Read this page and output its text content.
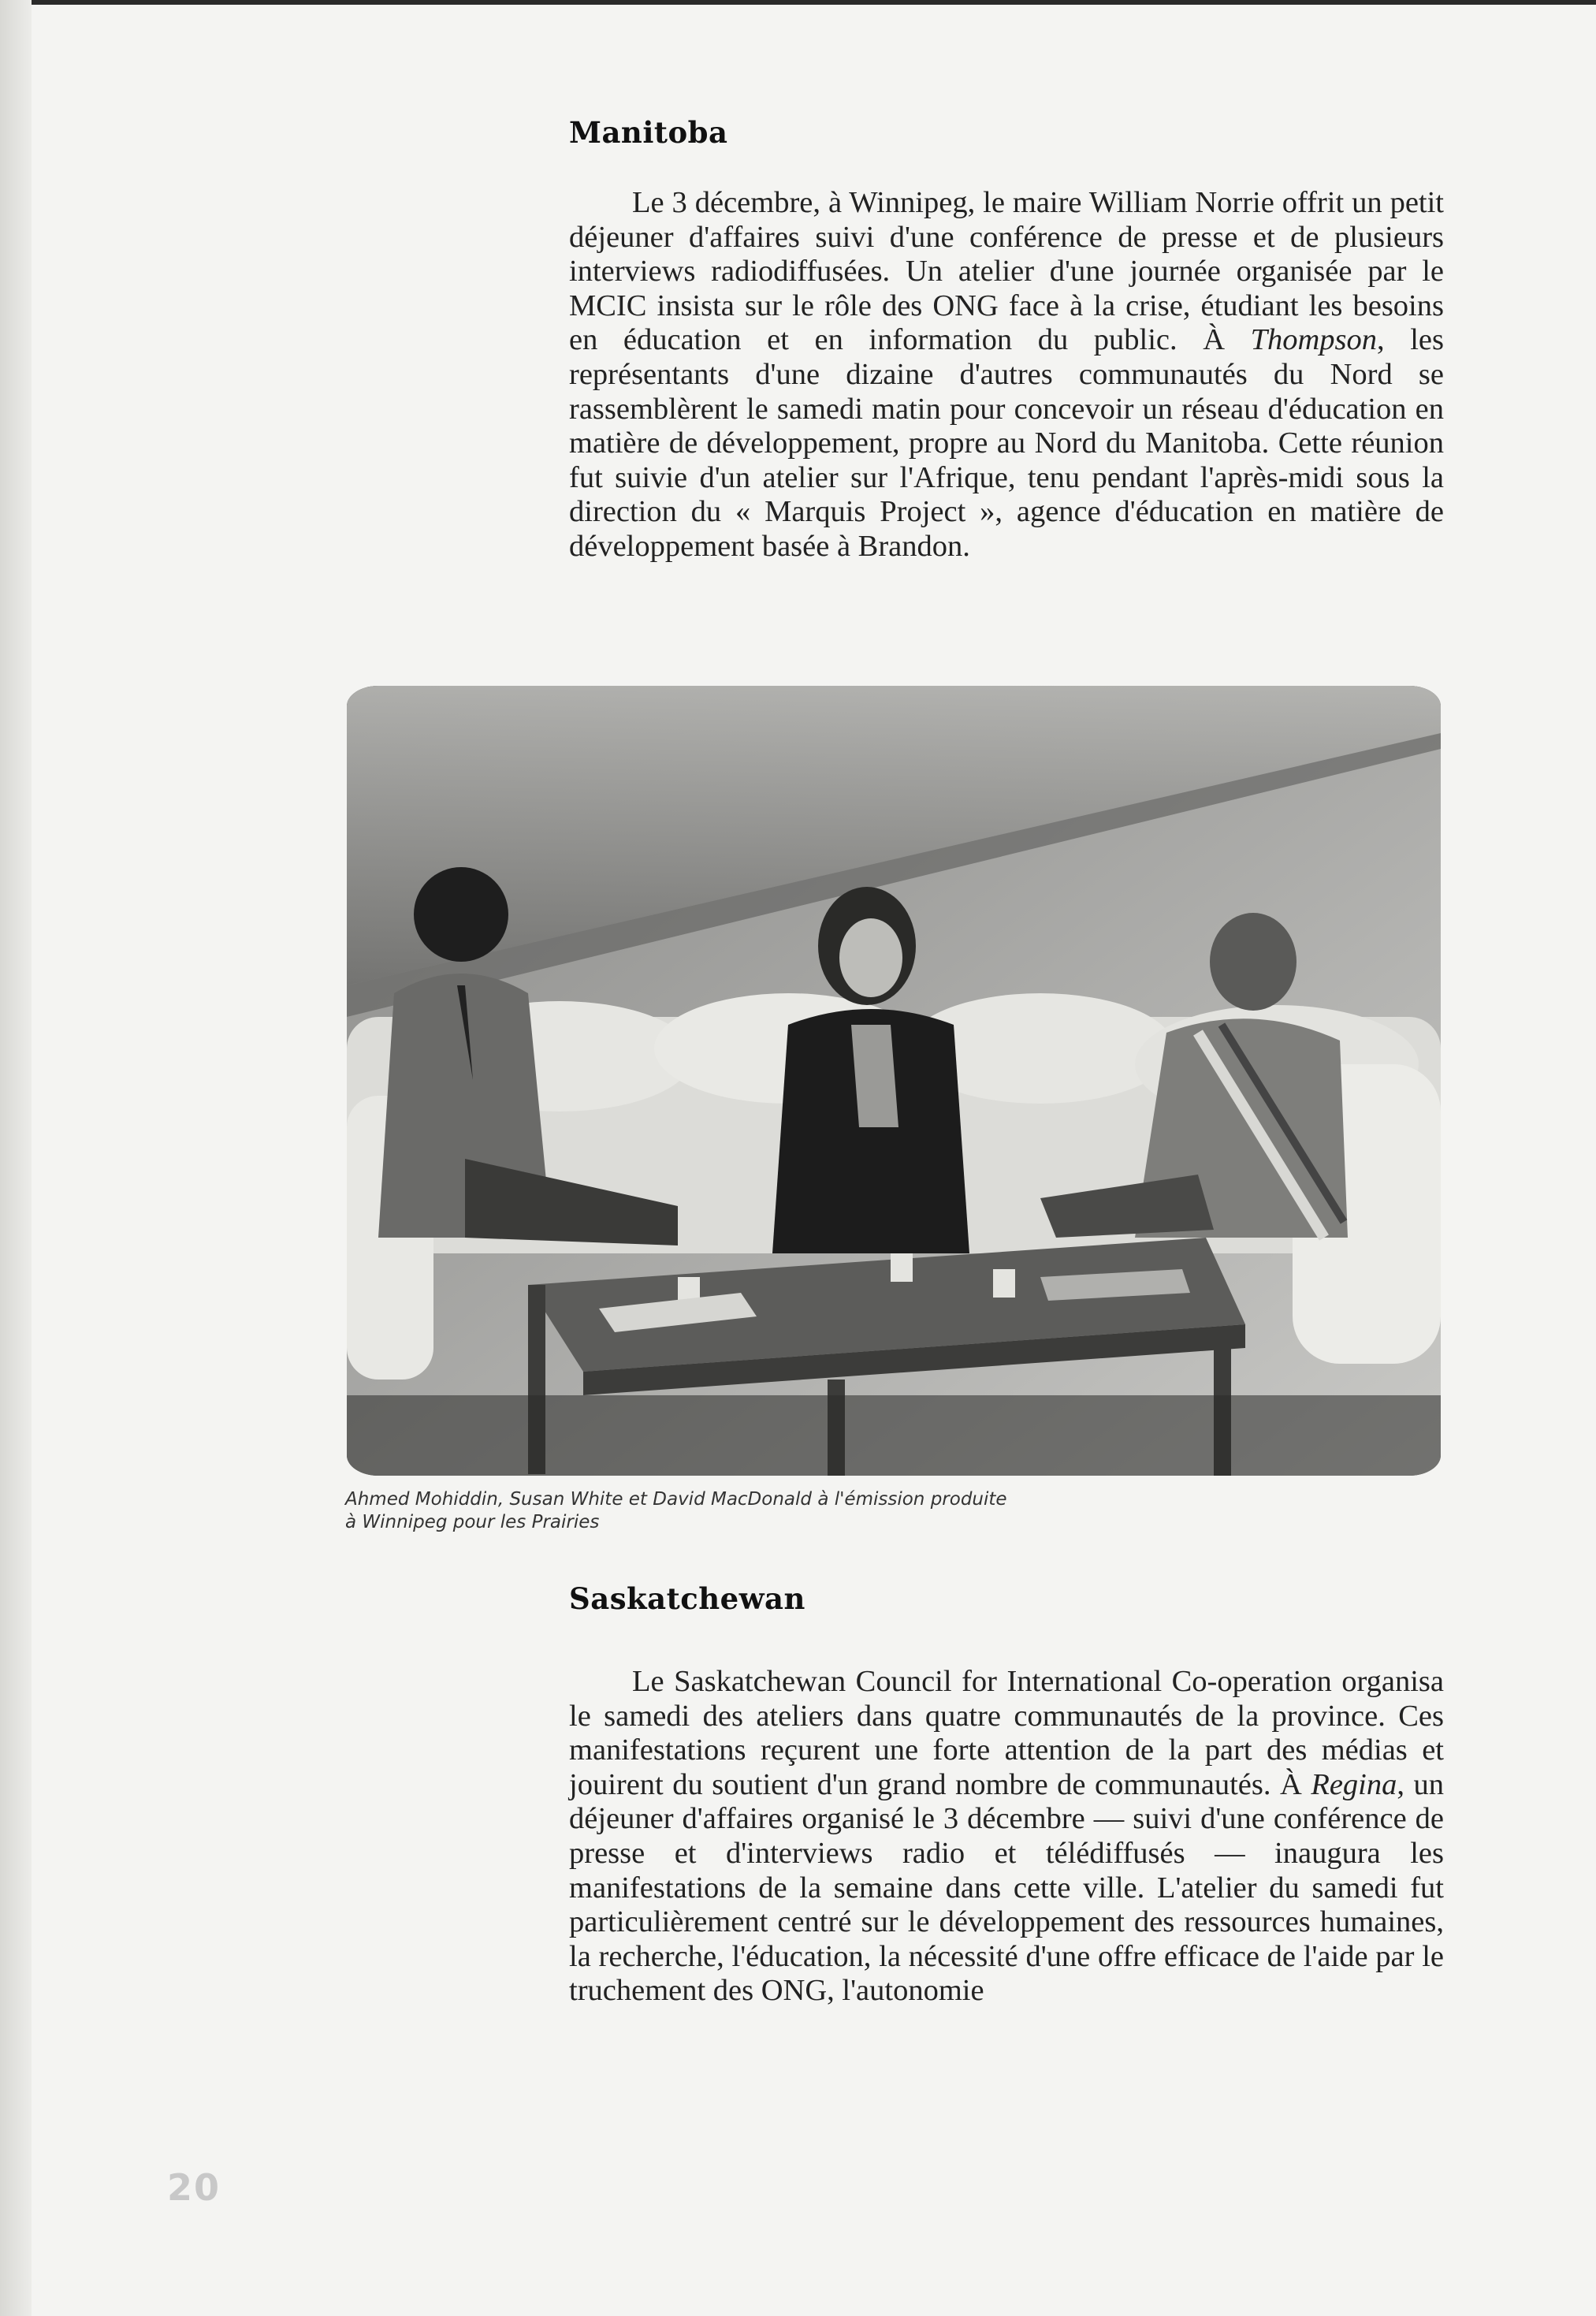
Manitoba

Le 3 décembre, à Winnipeg, le maire William Norrie offrit un petit déjeuner d'affaires suivi d'une conférence de presse et de plusieurs interviews radiodiffusées. Un atelier d'une journée organisée par le MCIC insista sur le rôle des ONG face à la crise, étudiant les besoins en éducation et en information du public. À Thompson, les représentants d'une dizaine d'autres communautés du Nord se rassemblèrent le samedi matin pour concevoir un réseau d'éducation en matière de développement, propre au Nord du Manitoba. Cette réunion fut suivie d'un atelier sur l'Afrique, tenu pendant l'après-midi sous la direction du « Marquis Project », agence d'éducation en matière de développement basée à Brandon.

Ahmed Mohiddin, Susan White et David MacDonald à l'émission produite
à Winnipeg pour les Prairies
Saskatchewan

Le Saskatchewan Council for International Co-operation organisa le samedi des ateliers dans quatre communautés de la province. Ces manifestations reçurent une forte attention de la part des médias et jouirent du soutient d'un grand nombre de communautés. À Regina, un déjeuner d'affaires organisé le 3 décembre — suivi d'une conférence de presse et d'interviews radio et télédiffusés — inaugura les manifestations de la semaine dans cette ville. L'atelier du samedi fut particulièrement centré sur le développement des ressources humaines, la recherche, l'éducation, la nécessité d'une offre efficace de l'aide par le truchement des ONG, l'autonomie

20
